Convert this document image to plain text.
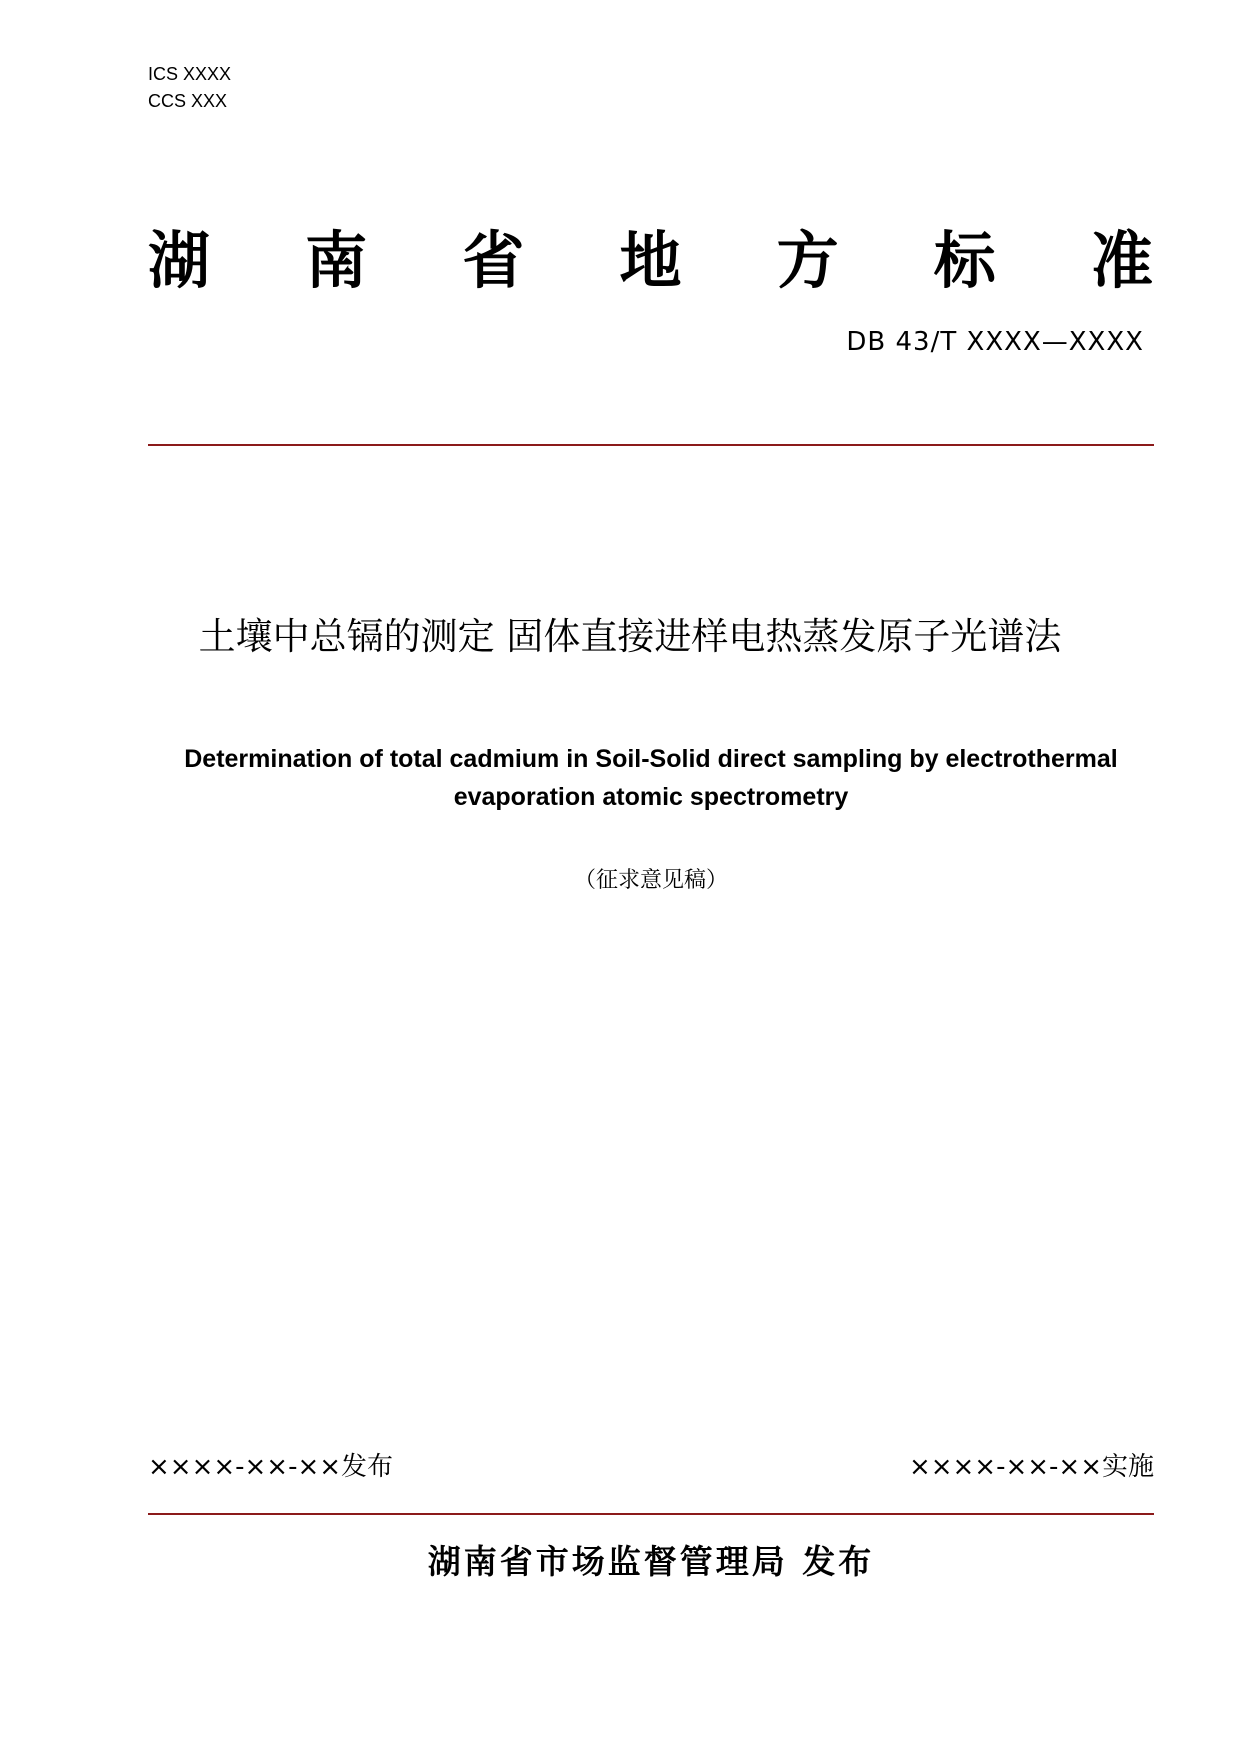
ICS XXXX
CCS XXX
湖 南 省 地 方 标 准
DB 43/T XXXX—XXXX
土壤中总镉的测定 固体直接进样电热蒸发原子光谱法
Determination of total cadmium in Soil-Solid direct sampling by electrothermal
evaporation atomic spectrometry
（征求意见稿）
××××-××-××发布	××××-××-××实施
湖南省市场监督管理局 发布
